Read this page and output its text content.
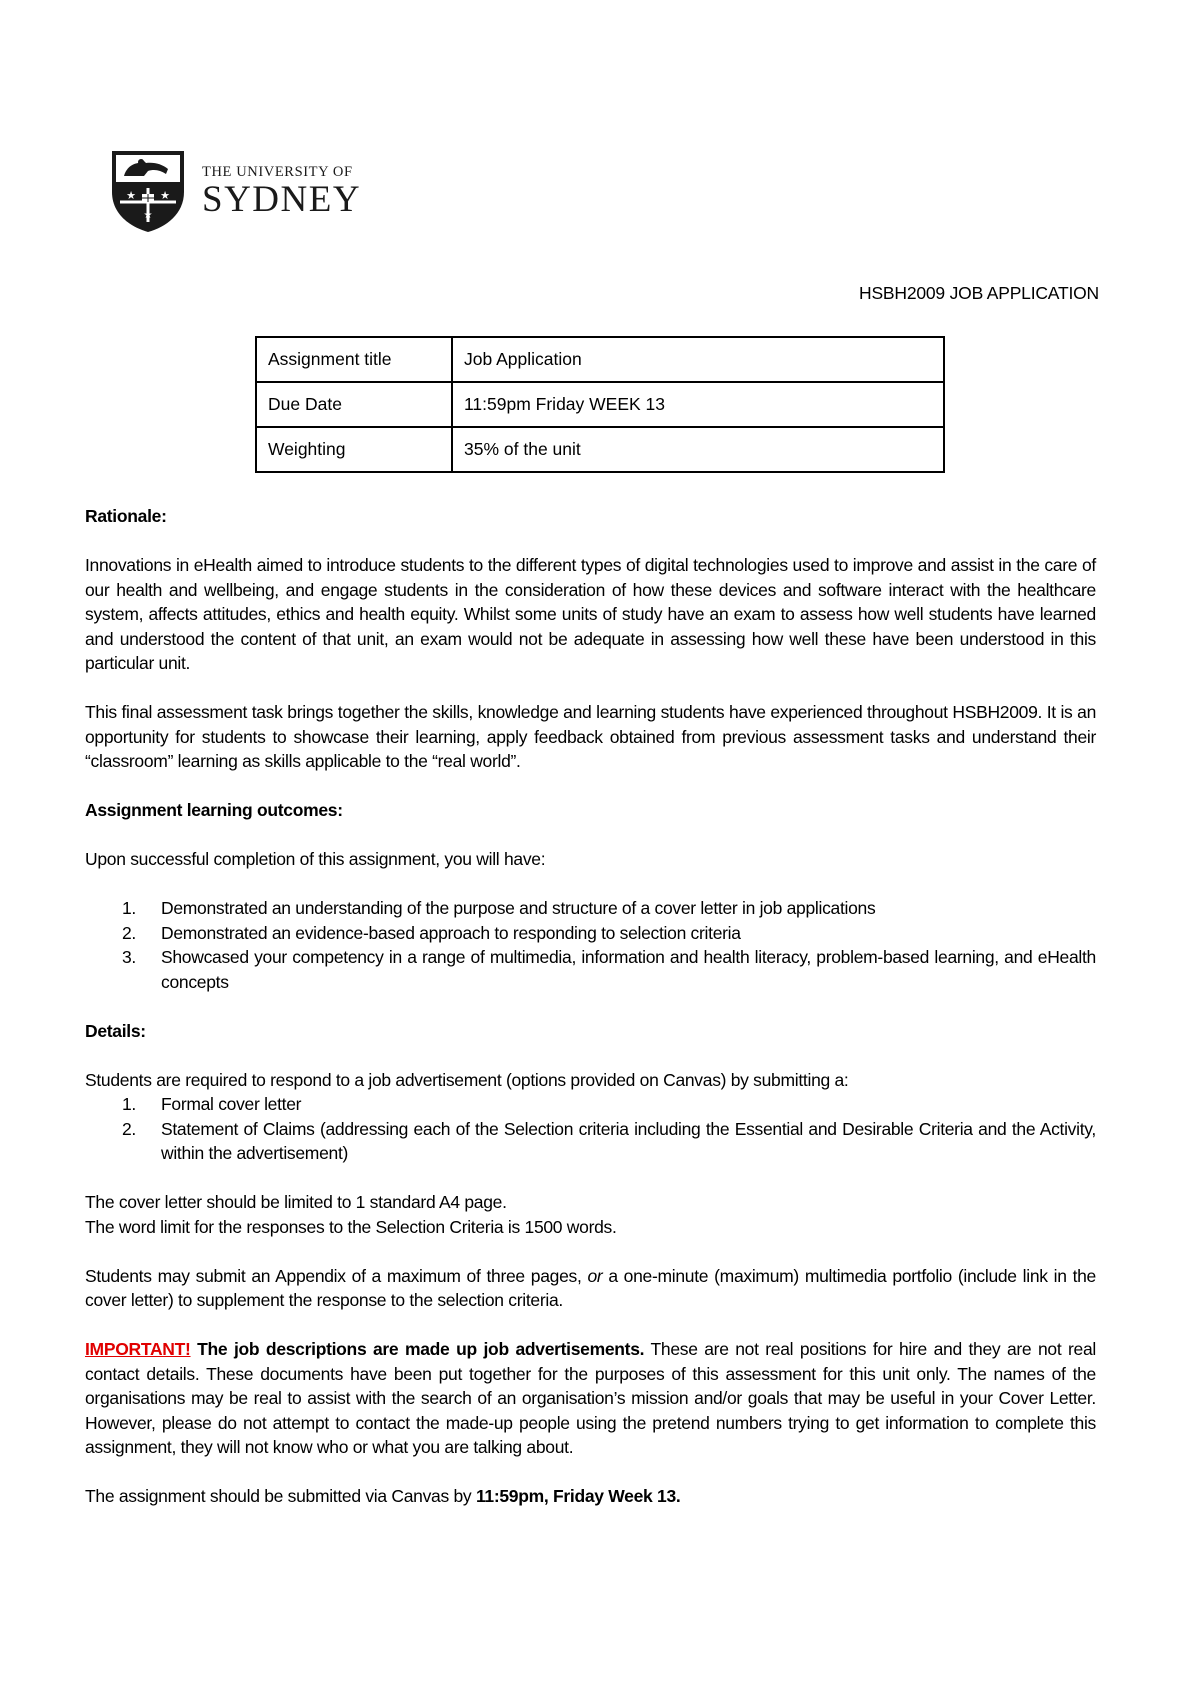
★ ★
★
THE UNIVERSITY OF
SYDNEY
HSBH2009 JOB APPLICATION
Assignment title	Job Application
Due Date	11:59pm Friday WEEK 13
Weighting	35% of the unit
Rationale:

Innovations in eHealth aimed to introduce students to the different types of digital technologies used to improve and assist in the care of our health and wellbeing, and engage students in the consideration of how these devices and software interact with the healthcare system, affects attitudes, ethics and health equity. Whilst some units of study have an exam to assess how well students have learned and understood the content of that unit, an exam would not be adequate in assessing how well these have been understood in this particular unit.

This final assessment task brings together the skills, knowledge and learning students have experienced throughout HSBH2009. It is an opportunity for students to showcase their learning, apply feedback obtained from previous assessment tasks and understand their “classroom” learning as skills applicable to the “real world”.

Assignment learning outcomes:

Upon successful completion of this assignment, you will have:

1.	Demonstrated an understanding of the purpose and structure of a cover letter in job applications
2.	Demonstrated an evidence-based approach to responding to selection criteria
3.	Showcased your competency in a range of multimedia, information and health literacy, problem-based learning, and eHealth concepts
Details:

Students are required to respond to a job advertisement (options provided on Canvas) by submitting a:

1.	Formal cover letter
2.	Statement of Claims (addressing each of the Selection criteria including the Essential and Desirable Criteria and the Activity, within the advertisement)

The cover letter should be limited to 1 standard A4 page.

The word limit for the responses to the Selection Criteria is 1500 words.

Students may submit an Appendix of a maximum of three pages, or a one-minute (maximum) multimedia portfolio (include link in the cover letter) to supplement the response to the selection criteria.

IMPORTANT! The job descriptions are made up job advertisements. These are not real positions for hire and they are not real contact details. These documents have been put together for the purposes of this assessment for this unit only. The names of the organisations may be real to assist with the search of an organisation’s mission and/or goals that may be useful in your Cover Letter. However, please do not attempt to contact the made-up people using the pretend numbers trying to get information to complete this assignment, they will not know who or what you are talking about.

The assignment should be submitted via Canvas by 11:59pm, Friday Week 13.
